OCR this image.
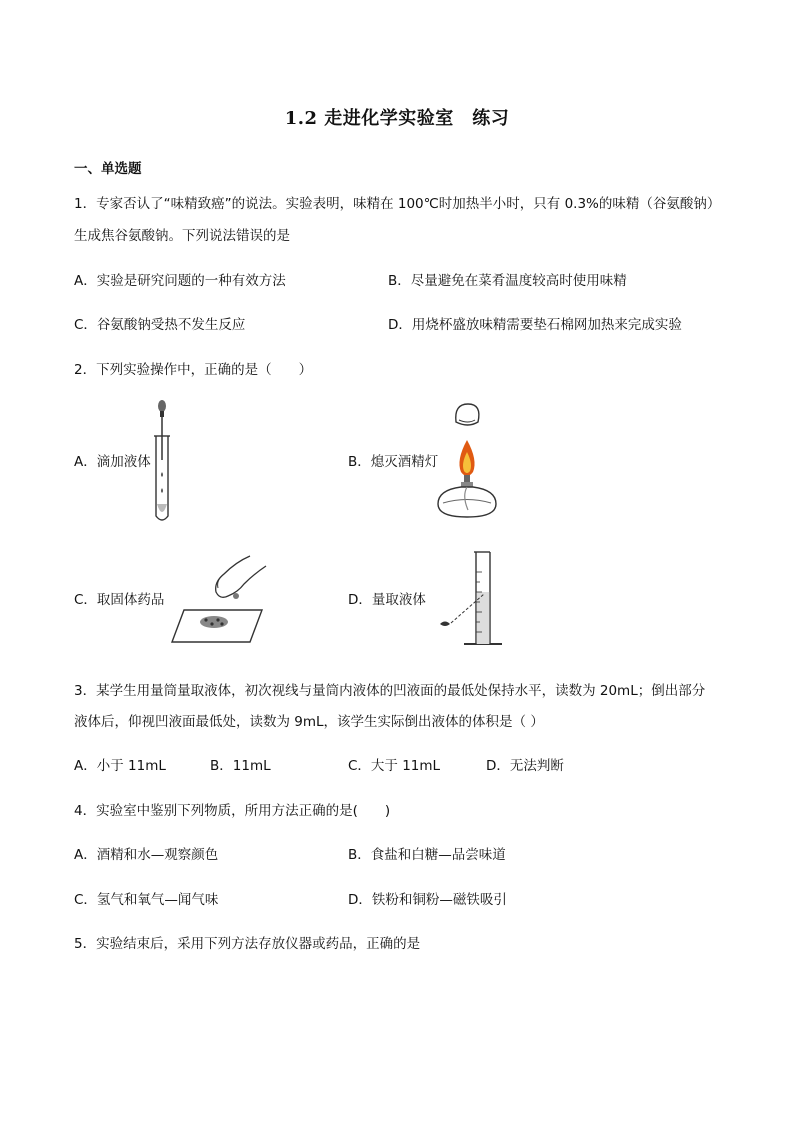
1.2 走进化学实验室　练习
一、单选题
1．专家否认了“味精致癌”的说法。实验表明，味精在 100℃时加热半小时，只有 0.3%的味精（谷氨酸钠）
生成焦谷氨酸钠。下列说法错误的是
A．实验是研究问题的一种有效方法	B．尽量避免在菜肴温度较高时使用味精
C．谷氨酸钠受热不发生反应	D．用烧杯盛放味精需要垫石棉网加热来完成实验
2．下列实验操作中，正确的是（　　）
A．滴加液体	B．熄灭酒精灯
C．取固体药品	D．量取液体
3．某学生用量筒量取液体，初次视线与量筒内液体的凹液面的最低处保持水平，读数为 20mL；倒出部分
液体后，仰视凹液面最低处，读数为 9mL，该学生实际倒出液体的体积是（ ）
A．小于 11mL	B．11mL	C．大于 11mL	D．无法判断
4．实验室中鉴别下列物质，所用方法正确的是(　　)
A．酒精和水—观察颜色	B．食盐和白糖—品尝味道
C．氢气和氧气—闻气味	D．铁粉和铜粉—磁铁吸引
5．实验结束后，采用下列方法存放仪器或药品，正确的是
